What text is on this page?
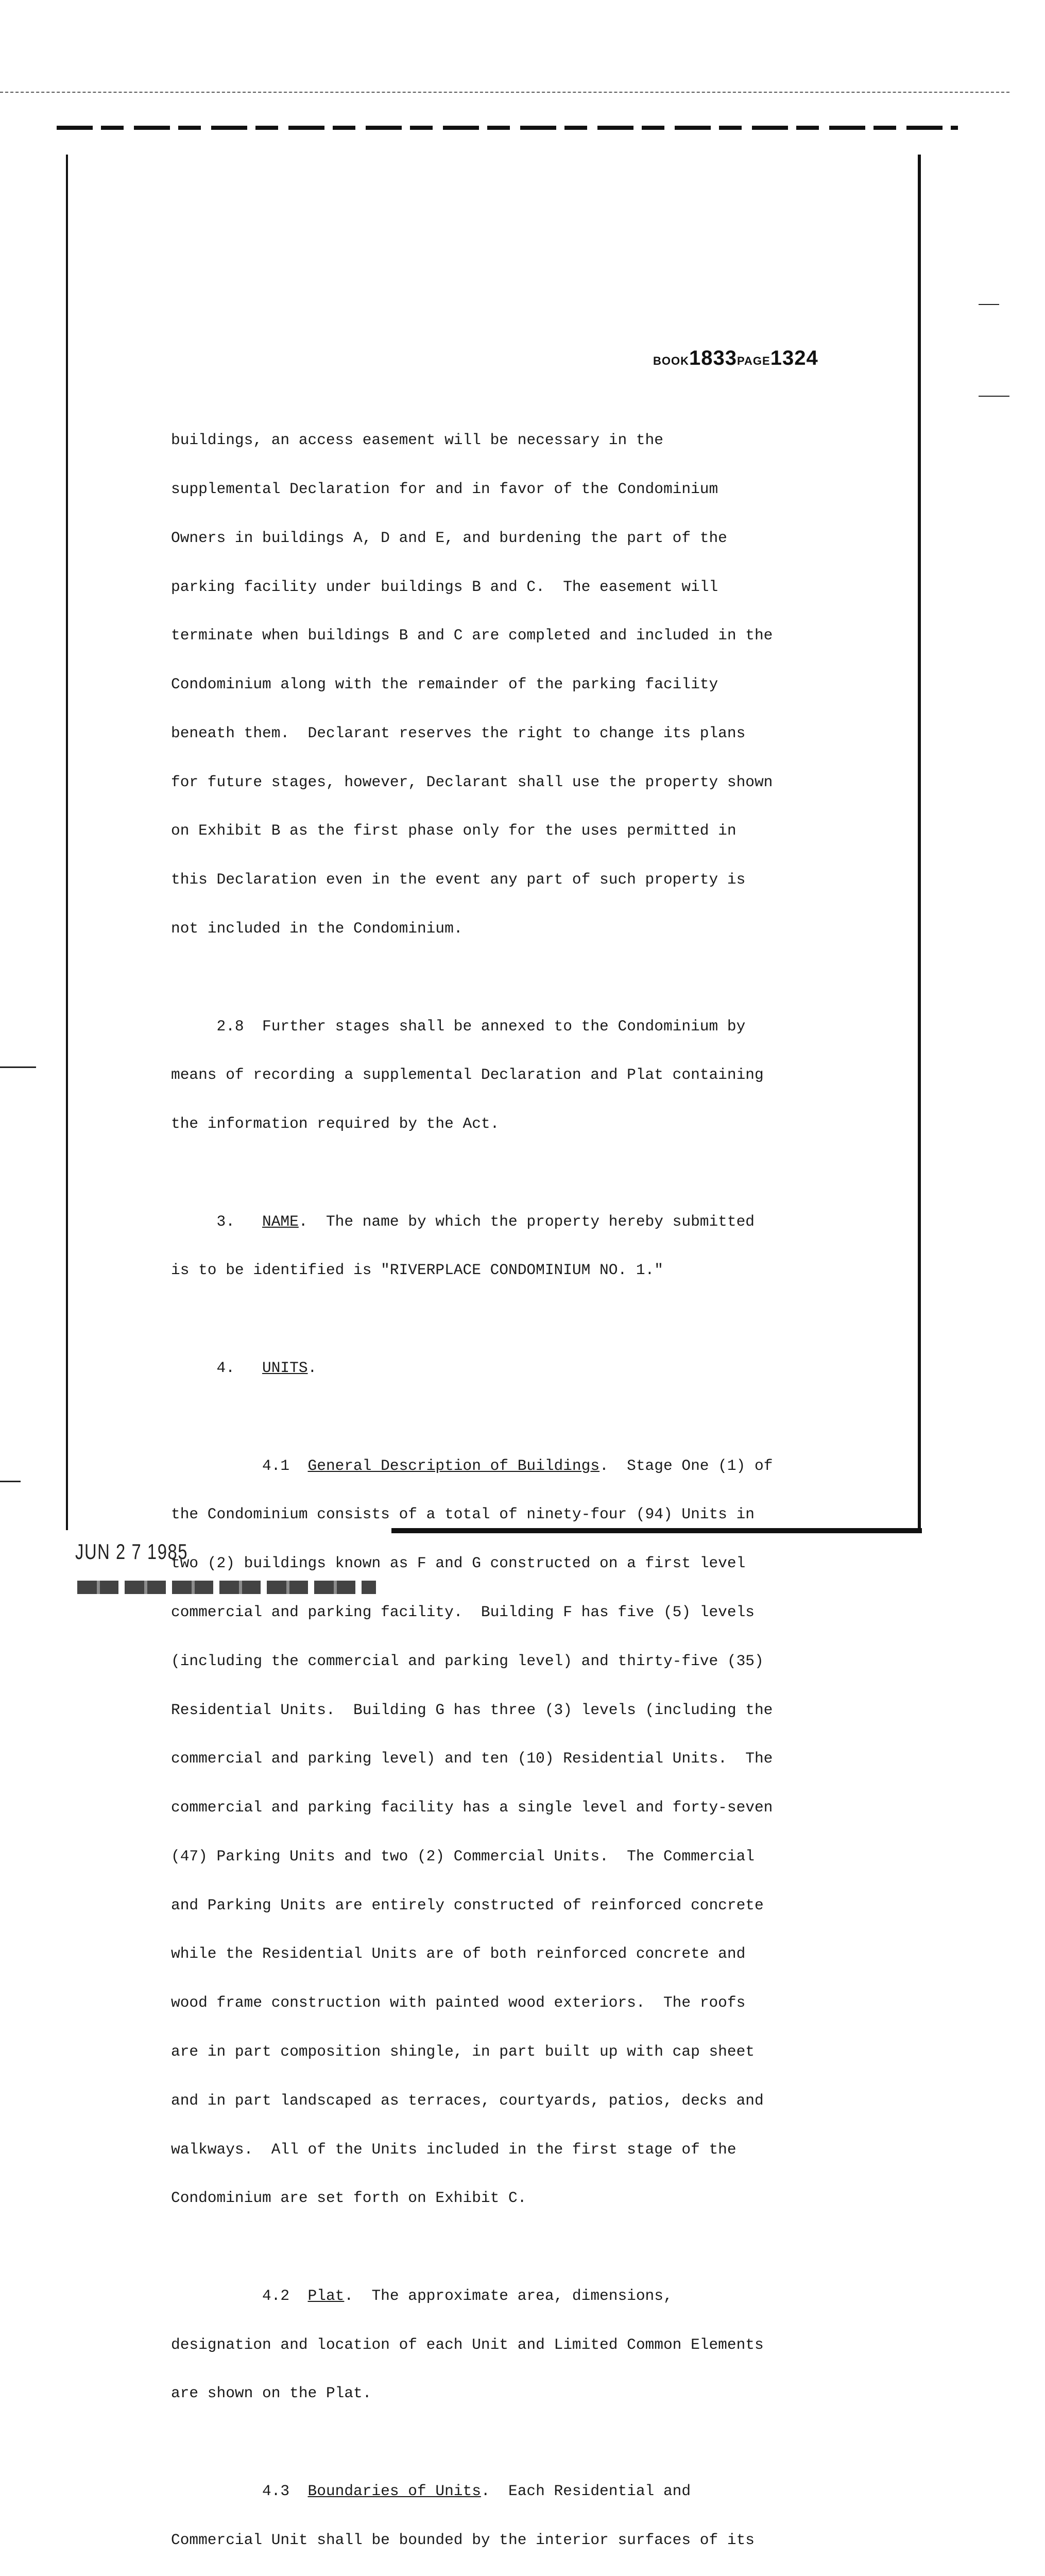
BOOK1833PAGE1324

buildings, an access easement will be necessary in the

supplemental Declaration for and in favor of the Condominium

Owners in buildings A, D and E, and burdening the part of the

parking facility under buildings B and C.  The easement will

terminate when buildings B and C are completed and included in the

Condominium along with the remainder of the parking facility

beneath them.  Declarant reserves the right to change its plans

for future stages, however, Declarant shall use the property shown

on Exhibit B as the first phase only for the uses permitted in

this Declaration even in the event any part of such property is

not included in the Condominium.

2.8  Further stages shall be annexed to the Condominium by

means of recording a supplemental Declaration and Plat containing

the information required by the Act.

3.   NAME.  The name by which the property hereby submitted

is to be identified is "RIVERPLACE CONDOMINIUM NO. 1."

4.   UNITS.

4.1  General Description of Buildings.  Stage One (1) of

the Condominium consists of a total of ninety-four (94) Units in

two (2) buildings known as F and G constructed on a first level

commercial and parking facility.  Building F has five (5) levels

(including the commercial and parking level) and thirty-five (35)

Residential Units.  Building G has three (3) levels (including the

commercial and parking level) and ten (10) Residential Units.  The

commercial and parking facility has a single level and forty-seven

(47) Parking Units and two (2) Commercial Units.  The Commercial

and Parking Units are entirely constructed of reinforced concrete

while the Residential Units are of both reinforced concrete and

wood frame construction with painted wood exteriors.  The roofs

are in part composition shingle, in part built up with cap sheet

and in part landscaped as terraces, courtyards, patios, decks and

walkways.  All of the Units included in the first stage of the

Condominium are set forth on Exhibit C.

4.2  Plat.  The approximate area, dimensions,

designation and location of each Unit and Limited Common Elements

are shown on the Plat.

4.3  Boundaries of Units.  Each Residential and

Commercial Unit shall be bounded by the interior surfaces of its

JUN 2 7 1985
